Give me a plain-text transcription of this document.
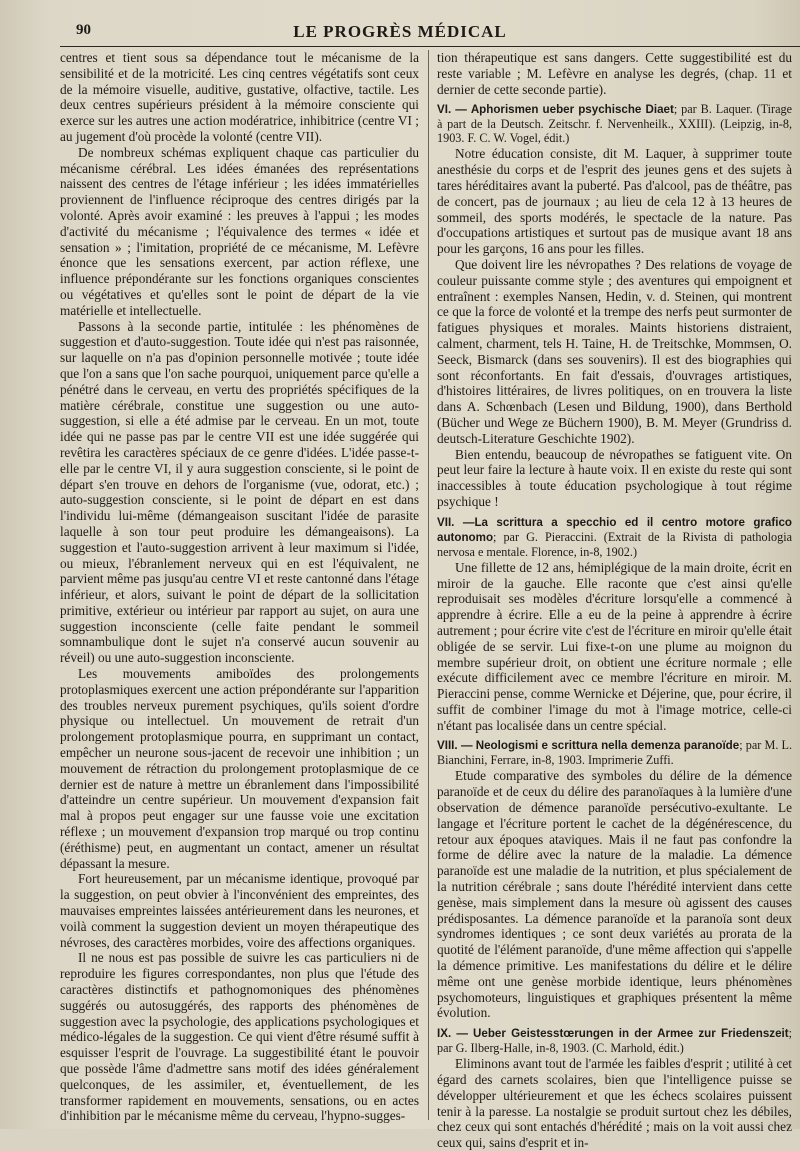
LE PROGRÈS MÉDICAL
90

centres et tient sous sa dépendance tout le mécanisme de la sensibilité et de la motricité. Les cinq centres végétatifs sont ceux de la mémoire visuelle, auditive, gustative, olfactive, tactile. Les deux centres supérieurs président à la mémoire consciente qui exerce sur les autres une action modératrice, inhibitrice (centre VI ; au jugement d'où procède la volonté (centre VII).

De nombreux schémas expliquent chaque cas particulier du mécanisme cérébral. Les idées émanées des représentations naissent des centres de l'étage inférieur ; les idées immatérielles proviennent de l'influence réciproque des centres dirigés par la volonté. Après avoir examiné : les preuves à l'appui ; les modes d'activité du mécanisme ; l'équivalence des termes « idée et sensation » ; l'imitation, propriété de ce mécanisme, M. Lefèvre énonce que les sensations exercent, par action réflexe, une influence prépondérante sur les fonctions organiques conscientes ou végétatives et qu'elles sont le point de départ de la vie matérielle et intellectuelle.

Passons à la seconde partie, intitulée : les phénomènes de suggestion et d'auto-suggestion. Toute idée qui n'est pas raisonnée, sur laquelle on n'a pas d'opinion personnelle motivée ; toute idée que l'on a sans que l'on sache pourquoi, uniquement parce qu'elle a pénétré dans le cerveau, en vertu des propriétés spécifiques de la matière cérébrale, constitue une suggestion ou une auto-suggestion, si elle a été admise par le cerveau. En un mot, toute idée qui ne passe pas par le centre VII est une idée suggérée qui revêtira les caractères spéciaux de ce genre d'idées. L'idée passe-t-elle par le centre VI, il y aura suggestion consciente, si le point de départ s'en trouve en dehors de l'organisme (vue, odorat, etc.) ; auto-suggestion consciente, si le point de départ en est dans l'individu lui-même (démangeaison suscitant l'idée de parasite laquelle à son tour peut produire les démangeaisons). La suggestion et l'auto-suggestion arrivent à leur maximum si l'idée, ou mieux, l'ébranlement nerveux qui en est l'équivalent, ne parvient même pas jusqu'au centre VI et reste cantonné dans l'étage inférieur, et alors, suivant le point de départ de la sollicitation primitive, extérieur ou intérieur par rapport au sujet, on aura une suggestion inconsciente (celle faite pendant le sommeil somnambulique dont le sujet n'a conservé aucun souvenir au réveil) ou une auto-suggestion inconsciente.

Les mouvements amiboïdes des prolongements protoplasmiques exercent une action prépondérante sur l'apparition des troubles nerveux purement psychiques, qu'ils soient d'ordre physique ou intellectuel. Un mouvement de retrait d'un prolongement protoplasmique pourra, en supprimant un contact, empêcher un neurone sous-jacent de recevoir une inhibition ; un mouvement de rétraction du prolongement protoplasmique de ce dernier est de nature à mettre un ébranlement dans l'impossibilité d'atteindre un centre supérieur. Un mouvement d'expansion fait mal à propos peut engager sur une fausse voie une excitation réflexe ; un mouvement d'expansion trop marqué ou trop continu (éréthisme) peut, en augmentant un contact, amener un résultat dépassant la mesure.

Fort heureusement, par un mécanisme identique, provoqué par la suggestion, on peut obvier à l'inconvénient des empreintes, des mauvaises empreintes laissées antérieurement dans les neurones, et voilà comment la suggestion devient un moyen thérapeutique des névroses, des caractères morbides, voire des affections organiques.

Il ne nous est pas possible de suivre les cas particuliers ni de reproduire les figures correspondantes, non plus que l'étude des caractères distinctifs et pathognomoniques des phénomènes suggérés ou autosuggérés, des rapports des phénomènes de suggestion avec la psychologie, des applications psychologiques et médico-légales de la suggestion. Ce qui vient d'être résumé suffit à esquisser l'esprit de l'ouvrage. La suggestibilité étant le pouvoir que possède l'âme d'admettre sans motif des idées généralement quelconques, de les assimiler, et, éventuellement, de les transformer rapidement en mouvements, sensations, ou en actes d'inhibition par le mécanisme même du cerveau, l'hypno-sugges-

tion thérapeutique est sans dangers. Cette suggestibilité est du reste variable ; M. Lefèvre en analyse les degrés, (chap. 11 et dernier de cette seconde partie).

VI. — Aphorismen ueber psychische Diaet; par B. Laquer. (Tirage à part de la Deutsch. Zeitschr. f. Nervenheilk., XXIII). (Leipzig, in-8, 1903. F. C. W. Vogel, édit.)

Notre éducation consiste, dit M. Laquer, à supprimer toute anesthésie du corps et de l'esprit des jeunes gens et des sujets à tares héréditaires avant la puberté. Pas d'alcool, pas de théâtre, pas de concert, pas de journaux ; au lieu de cela 12 à 13 heures de sommeil, des sports modérés, le spectacle de la nature. Pas d'occupations artistiques et surtout pas de musique avant 18 ans pour les garçons, 16 ans pour les filles.

Que doivent lire les névropathes ? Des relations de voyage de couleur puissante comme style ; des aventures qui empoignent et entraînent : exemples Nansen, Hedin, v. d. Steinen, qui montrent ce que la force de volonté et la trempe des nerfs peut surmonter de fatigues physiques et morales. Maints historiens distraient, calment, charment, tels H. Taine, H. de Treitschke, Mommsen, O. Seeck, Bismarck (dans ses souvenirs). Il est des biographies qui sont réconfortants. En fait d'essais, d'ouvrages artistiques, d'histoires littéraires, de livres politiques, on en trouvera la liste dans A. Schœnbach (Lesen und Bildung, 1900), dans Berthold (Bücher und Wege ze Büchern 1900), B. M. Meyer (Grundriss d. deutsch-Literature Geschichte 1902).

Bien entendu, beaucoup de névropathes se fatiguent vite. On peut leur faire la lecture à haute voix. Il en existe du reste qui sont inaccessibles à toute éducation psychologique à tout régime psychique !

VII. —La scrittura a specchio ed il centro motore grafico autonomo; par G. Pieraccini. (Extrait de la Rivista di pathologia nervosa e mentale. Florence, in-8, 1902.)

Une fillette de 12 ans, hémiplégique de la main droite, écrit en miroir de la gauche. Elle raconte que c'est ainsi qu'elle reproduisait ses modèles d'écriture lorsqu'elle a commencé à apprendre à écrire. Elle a eu de la peine à apprendre à écrire autrement ; pour écrire vite c'est de l'écriture en miroir qu'elle était obligée de se servir. Lui fixe-t-on une plume au moignon du membre supérieur droit, on obtient une écriture normale ; elle exécute difficilement avec ce membre l'écriture en miroir. M. Pieraccini pense, comme Wernicke et Déjerine, que, pour écrire, il suffit de combiner l'image du mot à l'image motrice, celle-ci n'étant pas localisée dans un centre spécial.

VIII. — Neologismi e scrittura nella demenza paranoïde; par M. L. Bianchini, Ferrare, in-8, 1903. Imprimerie Zuffi.

Etude comparative des symboles du délire de la démence paranoïde et de ceux du délire des paranoïaques à la lumière d'une observation de démence paranoïde persécutivo-exultante. Le langage et l'écriture portent le cachet de la dégénérescence, du retour aux époques ataviques. Mais il ne faut pas confondre la forme de délire avec la nature de la maladie. La démence paranoïde est une maladie de la nutrition, et plus spécialement de la nutrition cérébrale ; sans doute l'hérédité intervient dans cette genèse, mais simplement dans la mesure où agissent des causes prédisposantes. La démence paranoïde et la paranoïa sont deux syndromes identiques ; ce sont deux variétés au prorata de la quotité de l'élément paranoïde, d'une même affection qui s'appelle la démence primitive. Les manifestations du délire et le délire même ont une genèse morbide identique, leurs phénomènes psychomoteurs, linguistiques et graphiques présentent la même évolution.

IX. — Ueber Geistesstœrungen in der Armee zur Friedenszeit; par G. Ilberg-Halle, in-8, 1903. (C. Marhold, édit.)

Eliminons avant tout de l'armée les faibles d'esprit ; utilité à cet égard des carnets scolaires, bien que l'intelligence puisse se développer ultérieurement et que les échecs scolaires puissent tenir à la paresse. La nostalgie se produit surtout chez les débiles, chez ceux qui sont entachés d'hérédité ; mais on la voit aussi chez ceux qui, sains d'esprit et in-
